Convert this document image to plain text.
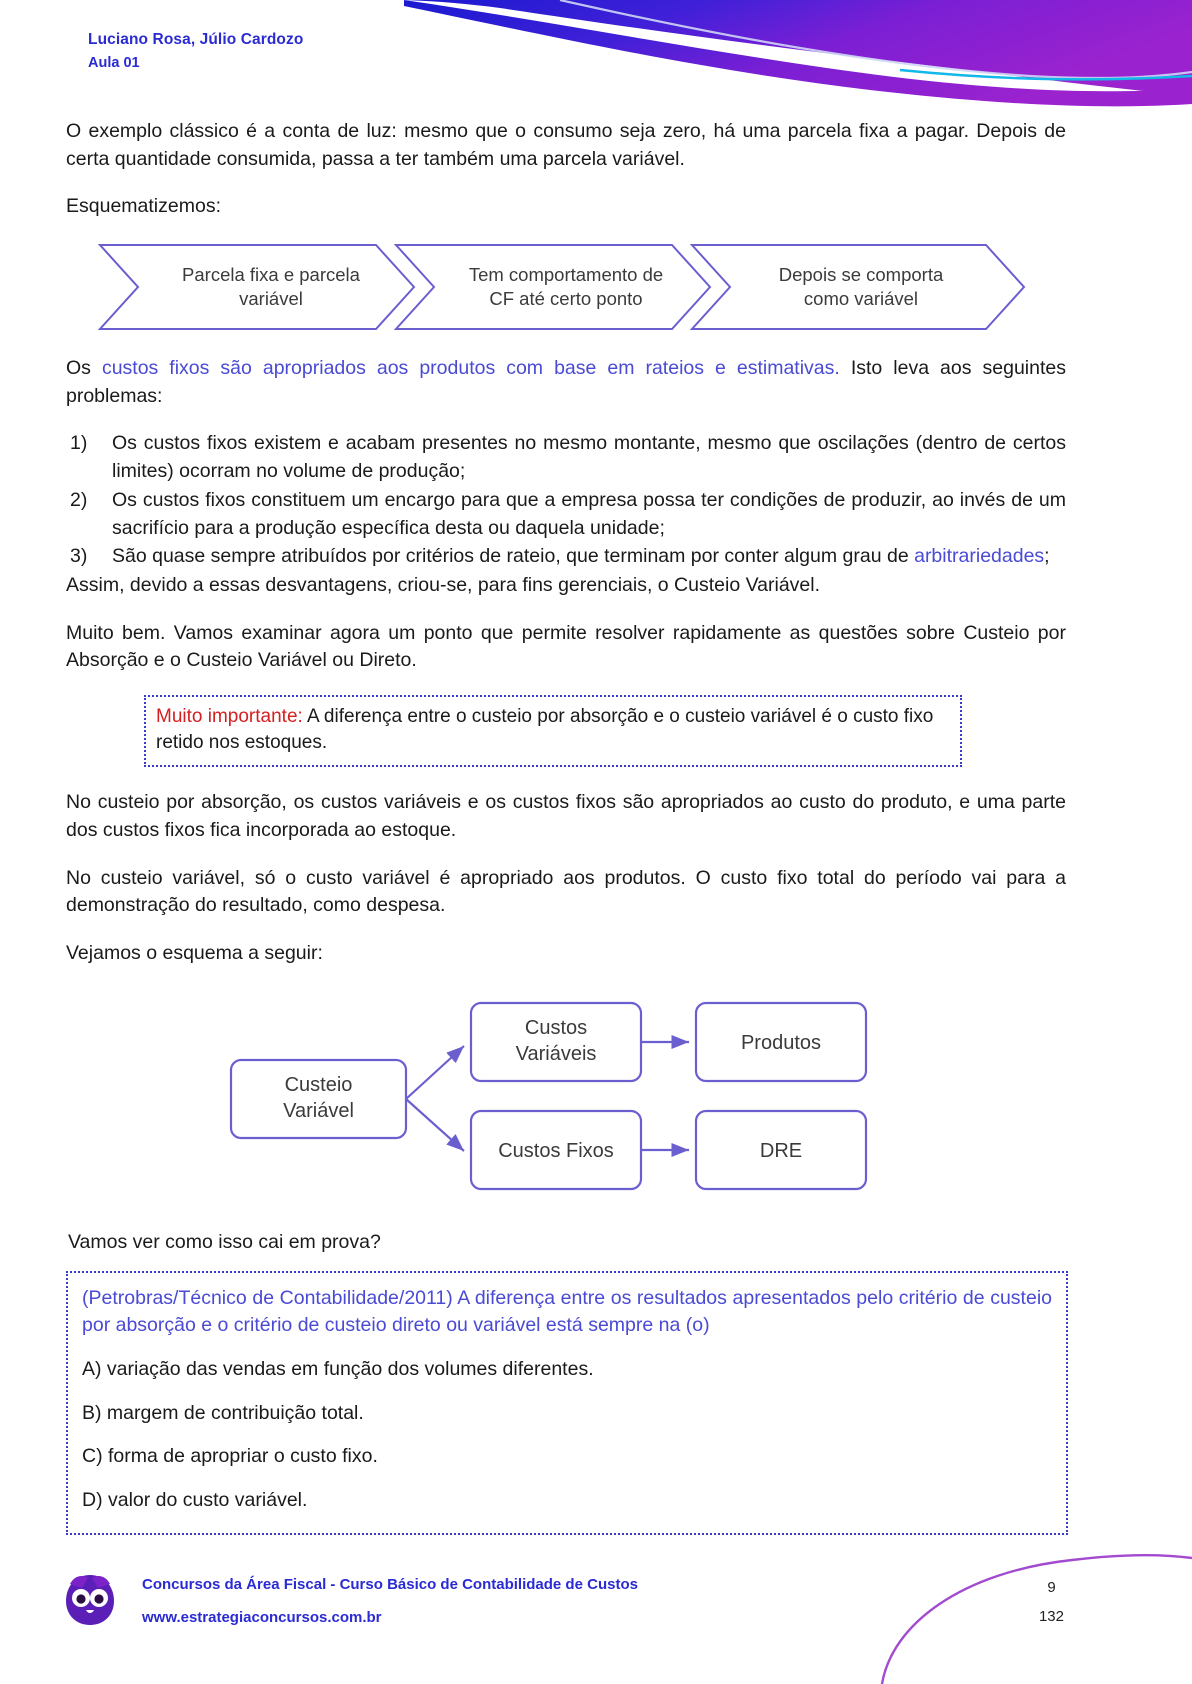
Luciano Rosa, Júlio Cardozo
Aula 01

O exemplo clássico é a conta de luz: mesmo que o consumo seja zero, há uma parcela fixa a pagar. Depois de certa quantidade consumida, passa a ter também uma parcela variável.

Esquematizemos:

Parcela fixa e parcela
variável
Tem comportamento de
CF até certo ponto
Depois se comporta
como variável

Os custos fixos são apropriados aos produtos com base em rateios e estimativas. Isto leva aos seguintes problemas:

1)	Os custos fixos existem e acabam presentes no mesmo montante, mesmo que oscilações (dentro de certos limites) ocorram no volume de produção;
2)	Os custos fixos constituem um encargo para que a empresa possa ter condições de produzir, ao invés de um sacrifício para a produção específica desta ou daquela unidade;
3)	São quase sempre atribuídos por critérios de rateio, que terminam por conter algum grau de arbitrariedades;

Assim, devido a essas desvantagens, criou-se, para fins gerenciais, o Custeio Variável.

Muito bem. Vamos examinar agora um ponto que permite resolver rapidamente as questões sobre Custeio por Absorção e o Custeio Variável ou Direto.

Muito importante: A diferença entre o custeio por absorção e o custeio variável é o custo fixo retido nos estoques.

No custeio por absorção, os custos variáveis e os custos fixos são apropriados ao custo do produto, e uma parte dos custos fixos fica incorporada ao estoque.

No custeio variável, só o custo variável é apropriado aos produtos. O custo fixo total do período vai para a demonstração do resultado, como despesa.

Vejamos o esquema a seguir:

Custeio
Variável
Custos
Variáveis
Custos Fixos
Produtos
DRE

Vamos ver como isso cai em prova?

(Petrobras/Técnico de Contabilidade/2011) A diferença entre os resultados apresentados pelo critério de custeio por absorção e o critério de custeio direto ou variável está sempre na (o)

A) variação das vendas em função dos volumes diferentes.

B) margem de contribuição total.

C) forma de apropriar o custo fixo.

D) valor do custo variável.

Concursos da Área Fiscal - Curso Básico de Contabilidade de Custos
www.estrategiaconcursos.com.br
9
132
